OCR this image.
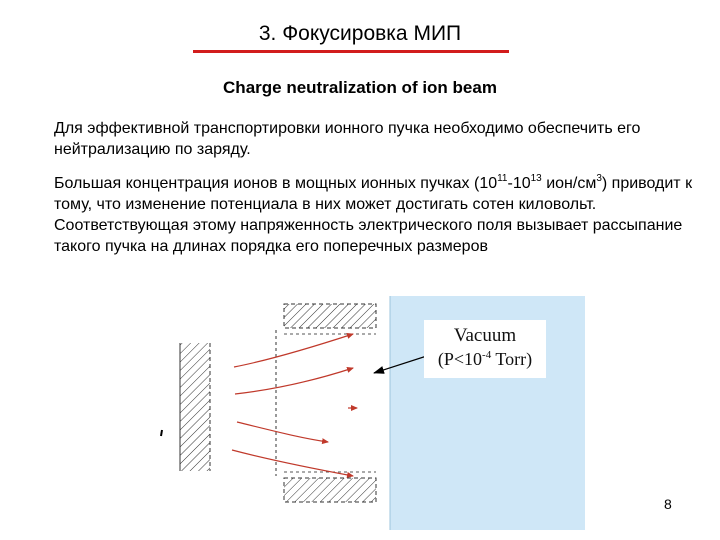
3. Фокусировка МИП
Charge neutralization of ion beam
Для эффективной транспортировки ионного пучка необходимо обеспечить его нейтрализацию по заряду.
Большая концентрация ионов в мощных ионных пучках ($10^{11}-10^{13}$ ион/$см^3$) приводит к тому, что изменение потенциала в них может достигать сотен киловольт. Соответствующая этому напряженность электрического поля вызывает рассыпание такого пучка на длинах порядка его поперечных размеров
Vacuum
($P<10^{-4}$ Torr)
8
